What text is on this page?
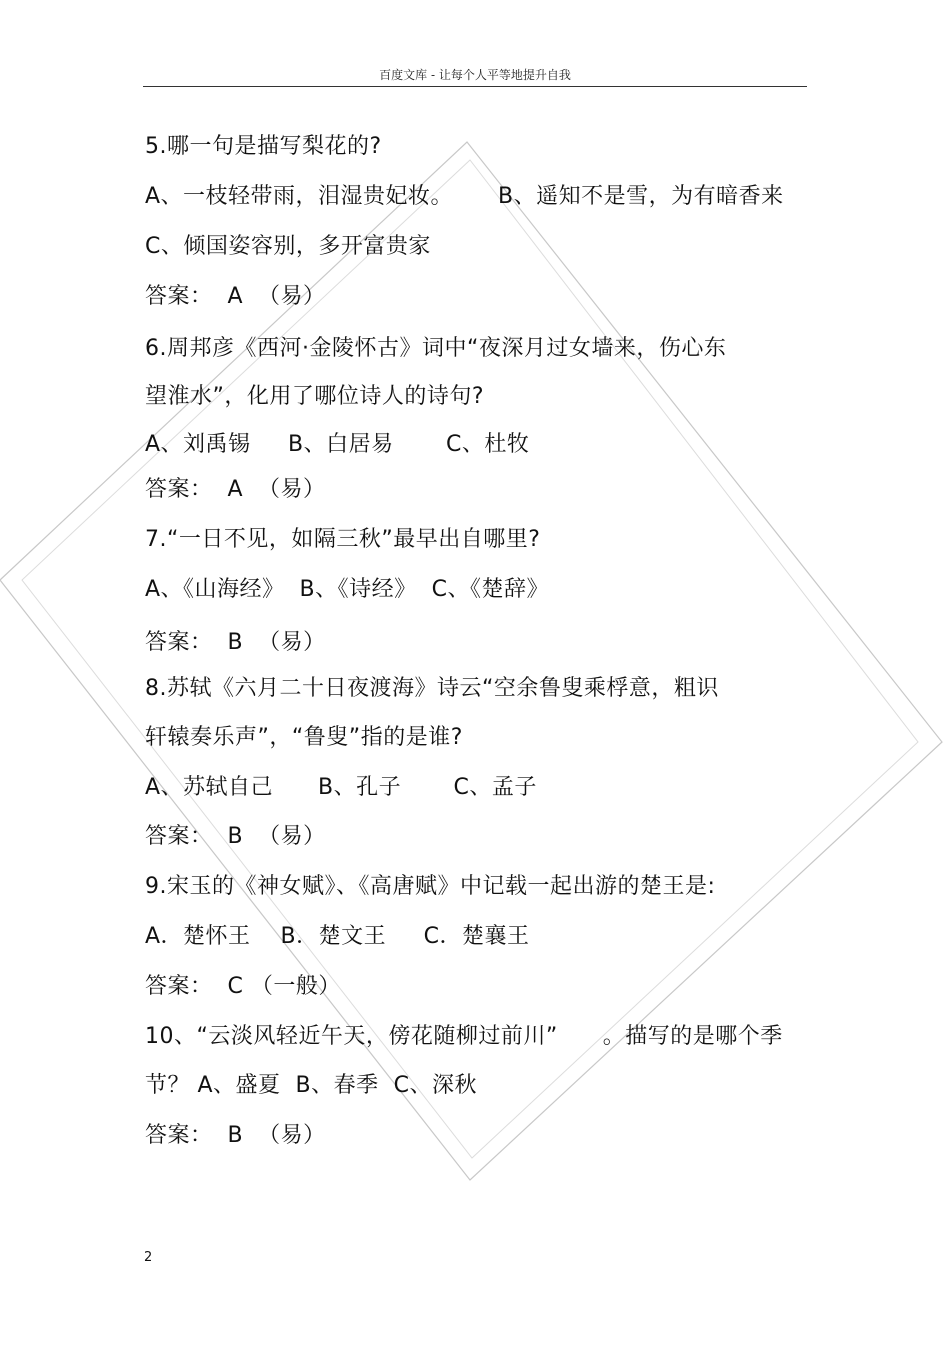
百度文库 - 让每个人平等地提升自我
5.哪一句是描写梨花的?
A、一枝轻带雨，泪湿贵妃妆。      B、遥知不是雪，为有暗香来
C、倾国姿容别，多开富贵家
答案：  A  （易）
6.周邦彦《西河·金陵怀古》词中“夜深月过女墙来，伤心东
望淮水”，化用了哪位诗人的诗句?
A、刘禹锡     B、白居易       C、杜牧
答案：  A  （易）
7.“一日不见，如隔三秋”最早出自哪里?
A、《山海经》  B、《诗经》  C、《楚辞》
答案：  B  （易）
8.苏轼《六月二十日夜渡海》诗云“空余鲁叟乘桴意，粗识
轩辕奏乐声”，“鲁叟”指的是谁?
A、苏轼自己      B、孔子       C、孟子
答案：  B  （易）
9.宋玉的《神女赋》、《高唐赋》中记载一起出游的楚王是:
A．楚怀王    B．楚文王     C．楚襄王
答案：  C （一般）
10、“云淡风轻近午天，傍花随柳过前川”      。描写的是哪个季
节？ A、盛夏  B、春季  C、深秋
答案：  B  （易）
2
